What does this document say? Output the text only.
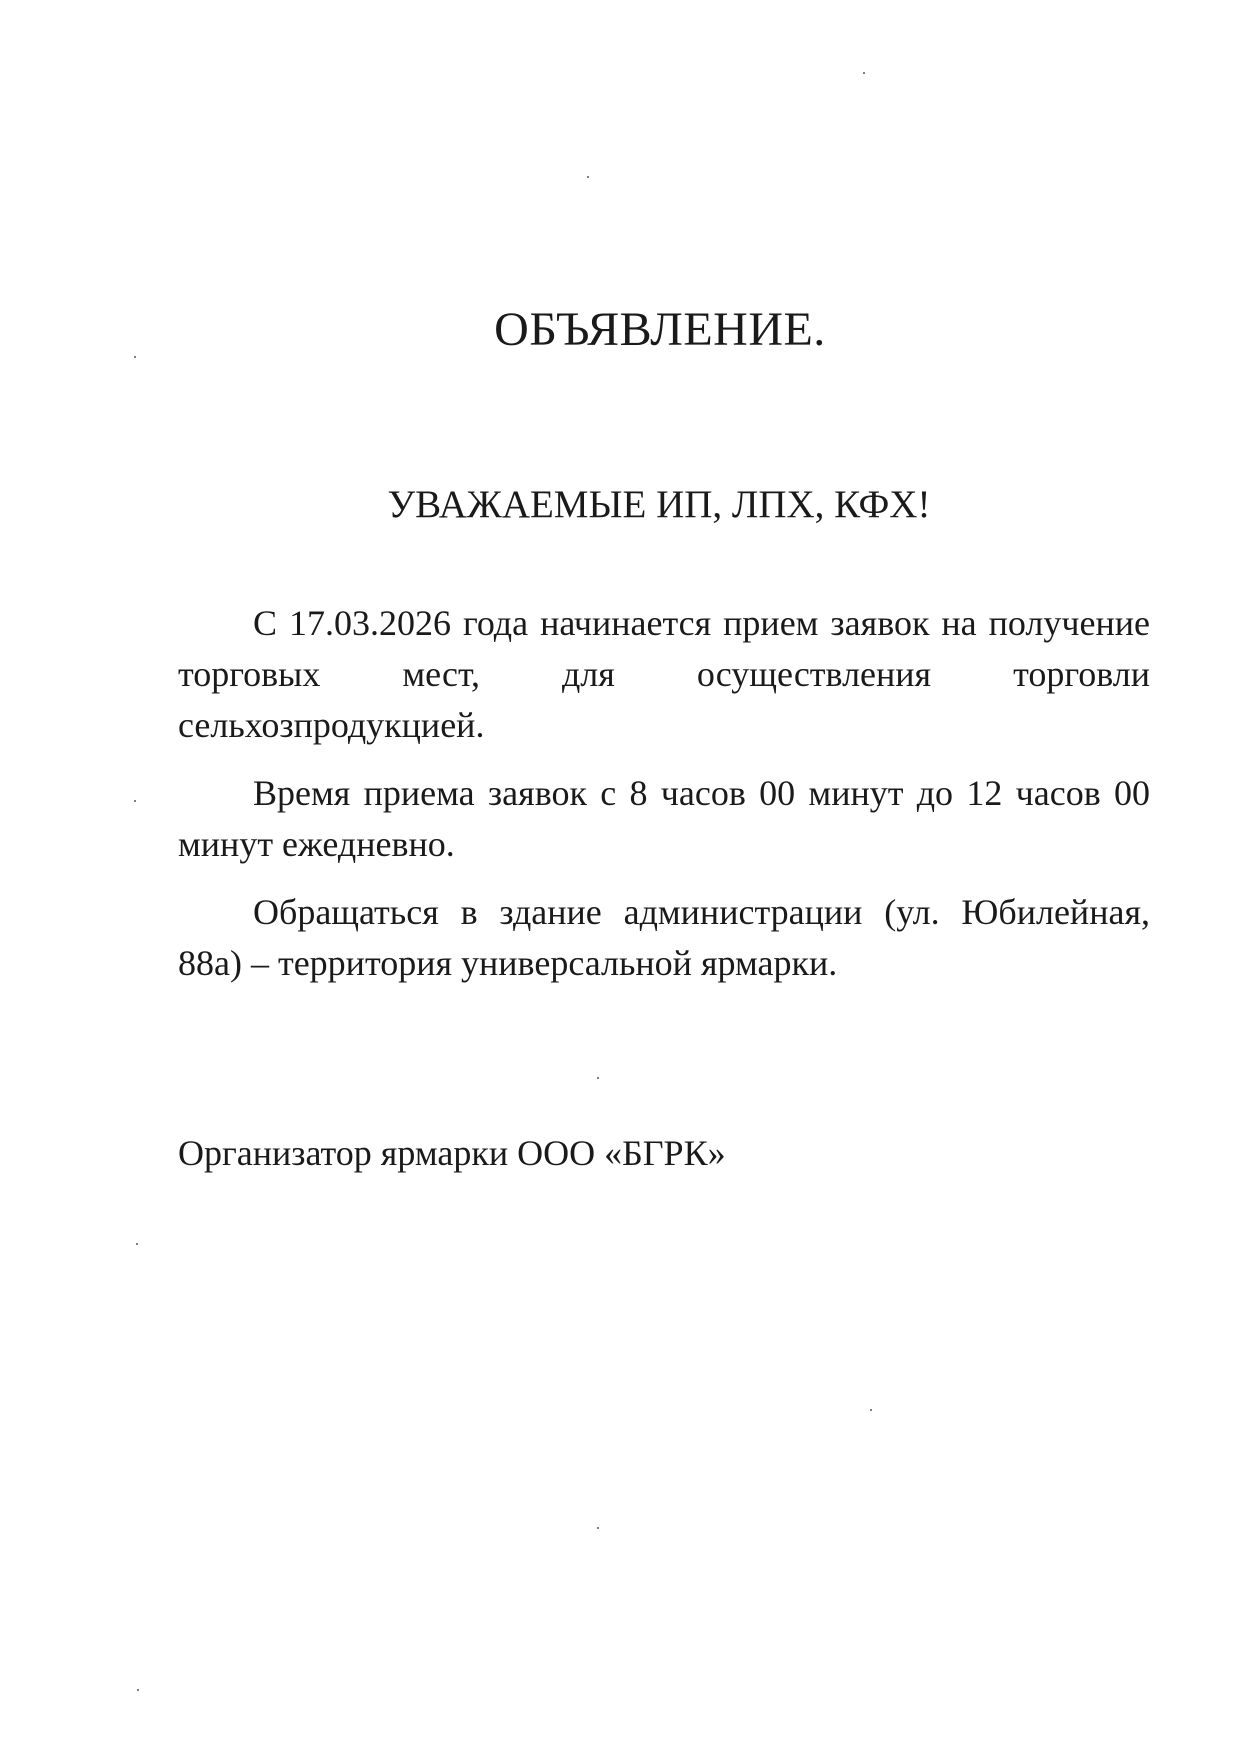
ОБЪЯВЛЕНИЕ.
УВАЖАЕМЫЕ ИП, ЛПХ, КФХ!

С 17.03.2026 года начинается прием заявок на получение торговых мест, для осуществления торговли сельхозпродукцией.

Время приема заявок с 8 часов 00 минут до 12 часов 00 минут ежедневно.

Обращаться в здание администрации (ул. Юбилейная, 88а) – территория универсальной ярмарки.

Организатор ярмарки ООО «БГРК»
